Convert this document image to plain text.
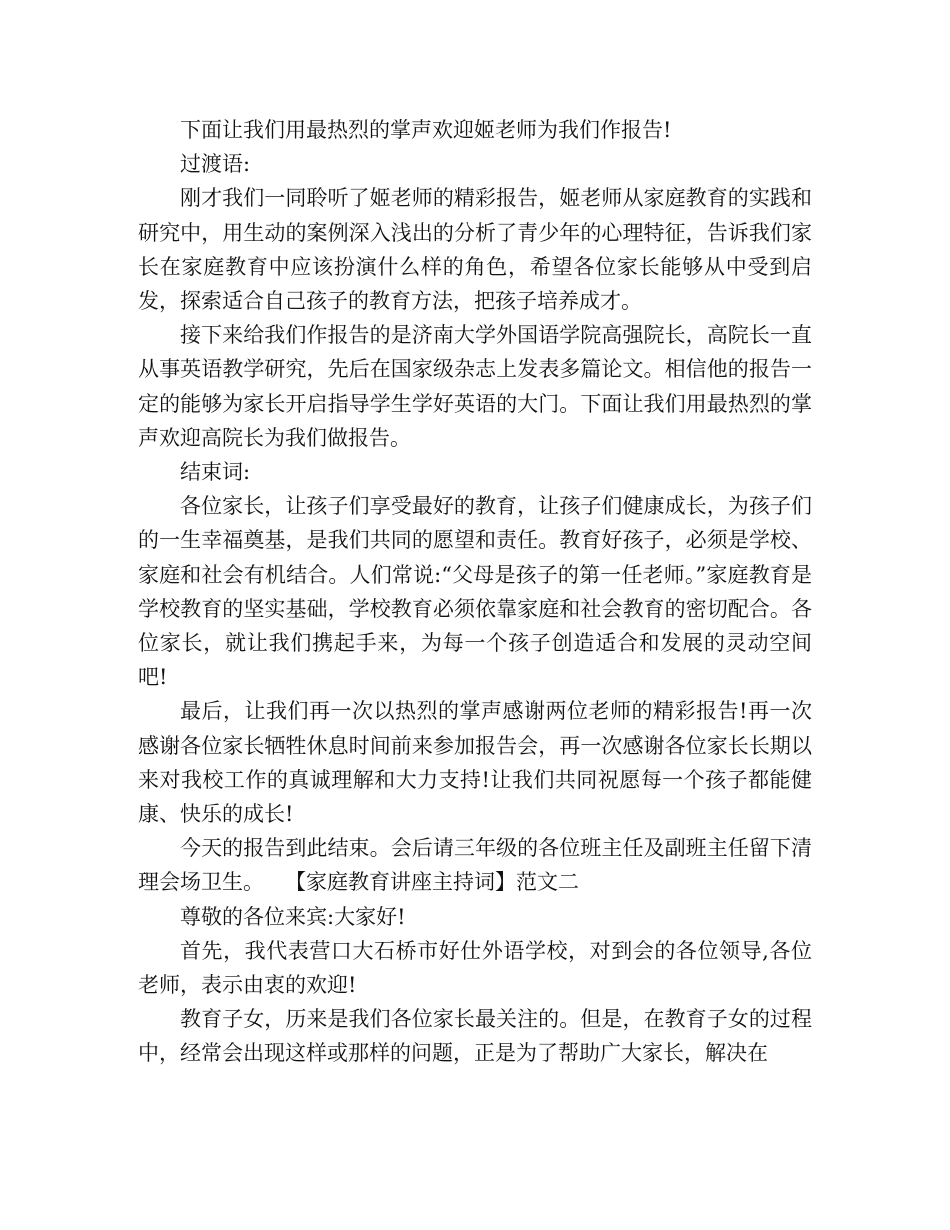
下面让我们用最热烈的掌声欢迎姬老师为我们作报告!

过渡语:

刚才我们一同聆听了姬老师的精彩报告，姬老师从家庭教育的实践和研究中，用生动的案例深入浅出的分析了青少年的心理特征，告诉我们家长在家庭教育中应该扮演什么样的角色，希望各位家长能够从中受到启发，探索适合自己孩子的教育方法，把孩子培养成才。

接下来给我们作报告的是济南大学外国语学院高强院长，高院长一直从事英语教学研究，先后在国家级杂志上发表多篇论文。相信他的报告一定的能够为家长开启指导学生学好英语的大门。下面让我们用最热烈的掌声欢迎高院长为我们做报告。

结束词:

各位家长，让孩子们享受最好的教育，让孩子们健康成长，为孩子们的一生幸福奠基，是我们共同的愿望和责任。教育好孩子，必须是学校、家庭和社会有机结合。人们常说:“父母是孩子的第一任老师。”家庭教育是学校教育的坚实基础，学校教育必须依靠家庭和社会教育的密切配合。各位家长，就让我们携起手来，为每一个孩子创造适合和发展的灵动空间吧!

最后，让我们再一次以热烈的掌声感谢两位老师的精彩报告!再一次感谢各位家长牺牲休息时间前来参加报告会，再一次感谢各位家长长期以来对我校工作的真诚理解和大力支持!让我们共同祝愿每一个孩子都能健康、快乐的成长!

今天的报告到此结束。会后请三年级的各位班主任及副班主任留下清理会场卫生。　　【家庭教育讲座主持词】范文二

尊敬的各位来宾:大家好!

首先，我代表营口大石桥市好仕外语学校，对到会的各位领导,各位老师，表示由衷的欢迎!

教育子女，历来是我们各位家长最关注的。但是，在教育子女的过程中，经常会出现这样或那样的问题，正是为了帮助广大家长，解决在
